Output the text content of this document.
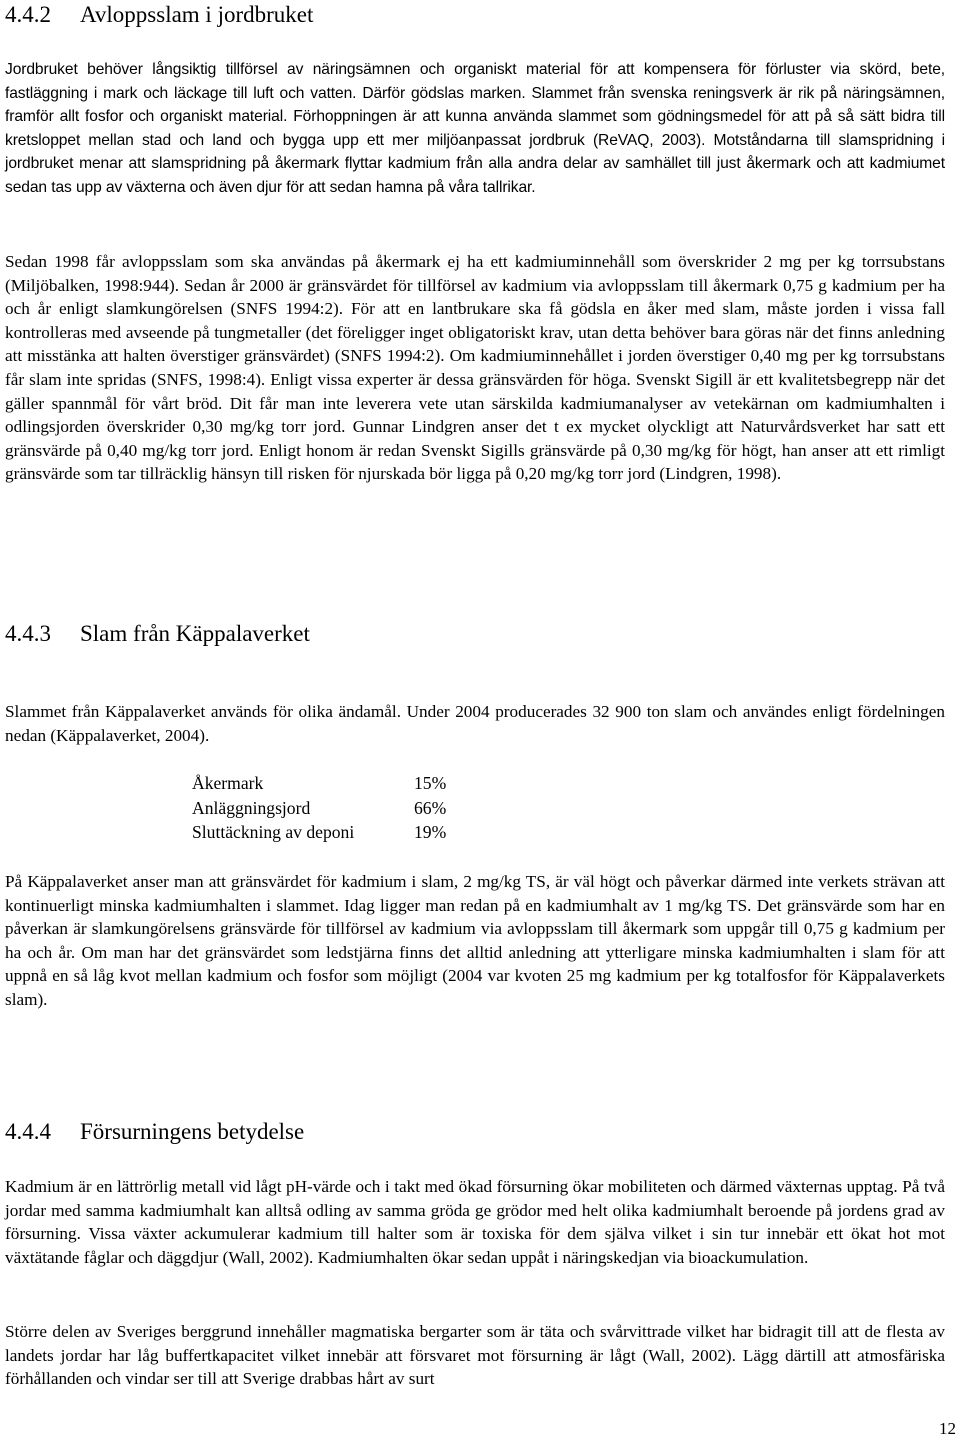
4.4.2 Avloppsslam i jordbruket

Jordbruket behöver långsiktig tillförsel av näringsämnen och organiskt material för att kompensera för förluster via skörd, bete, fastläggning i mark och läckage till luft och vatten. Därför gödslas marken. Slammet från svenska reningsverk är rik på näringsämnen, framför allt fosfor och organiskt material. Förhoppningen är att kunna använda slammet som gödningsmedel för att på så sätt bidra till kretsloppet mellan stad och land och bygga upp ett mer miljöanpassat jordbruk (ReVAQ, 2003). Motståndarna till slamspridning i jordbruket menar att slamspridning på åkermark flyttar kadmium från alla andra delar av samhället till just åkermark och att kadmiumet sedan tas upp av växterna och även djur för att sedan hamna på våra tallrikar.

Sedan 1998 får avloppsslam som ska användas på åkermark ej ha ett kadmiuminnehåll som överskrider 2 mg per kg torrsubstans (Miljöbalken, 1998:944). Sedan år 2000 är gränsvärdet för tillförsel av kadmium via avloppsslam till åkermark 0,75 g kadmium per ha och år enligt slamkungörelsen (SNFS 1994:2). För att en lantbrukare ska få gödsla en åker med slam, måste jorden i vissa fall kontrolleras med avseende på tungmetaller (det föreligger inget obligatoriskt krav, utan detta behöver bara göras när det finns anledning att misstänka att halten överstiger gränsvärdet) (SNFS 1994:2). Om kadmiuminnehållet i jorden överstiger 0,40 mg per kg torrsubstans får slam inte spridas (SNFS, 1998:4). Enligt vissa experter är dessa gränsvärden för höga. Svenskt Sigill är ett kvalitetsbegrepp när det gäller spannmål för vårt bröd. Dit får man inte leverera vete utan särskilda kadmiumanalyser av vetekärnan om kadmiumhalten i odlingsjorden överskrider 0,30 mg/kg torr jord. Gunnar Lindgren anser det t ex mycket olyckligt att Naturvårdsverket har satt ett gränsvärde på 0,40 mg/kg torr jord. Enligt honom är redan Svenskt Sigills gränsvärde på 0,30 mg/kg för högt, han anser att ett rimligt gränsvärde som tar tillräcklig hänsyn till risken för njurskada bör ligga på 0,20 mg/kg torr jord (Lindgren, 1998).

4.4.3 Slam från Käppalaverket

Slammet från Käppalaverket används för olika ändamål. Under 2004 producerades 32 900 ton slam och användes enligt fördelningen nedan (Käppalaverket, 2004).

Åkermark	15%
Anläggningsjord	66%
Sluttäckning av deponi	19%

På Käppalaverket anser man att gränsvärdet för kadmium i slam, 2 mg/kg TS, är väl högt och påverkar därmed inte verkets strävan att kontinuerligt minska kadmiumhalten i slammet. Idag ligger man redan på en kadmiumhalt av 1 mg/kg TS. Det gränsvärde som har en påverkan är slamkungörelsens gränsvärde för tillförsel av kadmium via avloppsslam till åkermark som uppgår till 0,75 g kadmium per ha och år. Om man har det gränsvärdet som ledstjärna finns det alltid anledning att ytterligare minska kadmiumhalten i slam för att uppnå en så låg kvot mellan kadmium och fosfor som möjligt (2004 var kvoten 25 mg kadmium per kg totalfosfor för Käppalaverkets slam).

4.4.4 Försurningens betydelse

Kadmium är en lättrörlig metall vid lågt pH-värde och i takt med ökad försurning ökar mobiliteten och därmed växternas upptag. På två jordar med samma kadmiumhalt kan alltså odling av samma gröda ge grödor med helt olika kadmiumhalt beroende på jordens grad av försurning. Vissa växter ackumulerar kadmium till halter som är toxiska för dem själva vilket i sin tur innebär ett ökat hot mot växtätande fåglar och däggdjur (Wall, 2002). Kadmiumhalten ökar sedan uppåt i näringskedjan via bioackumulation.

Större delen av Sveriges berggrund innehåller magmatiska bergarter som är täta och svårvittrade vilket har bidragit till att de flesta av landets jordar har låg buffertkapacitet vilket innebär att försvaret mot försurning är lågt (Wall, 2002). Lägg därtill att atmosfäriska förhållanden och vindar ser till att Sverige drabbas hårt av surt

12
